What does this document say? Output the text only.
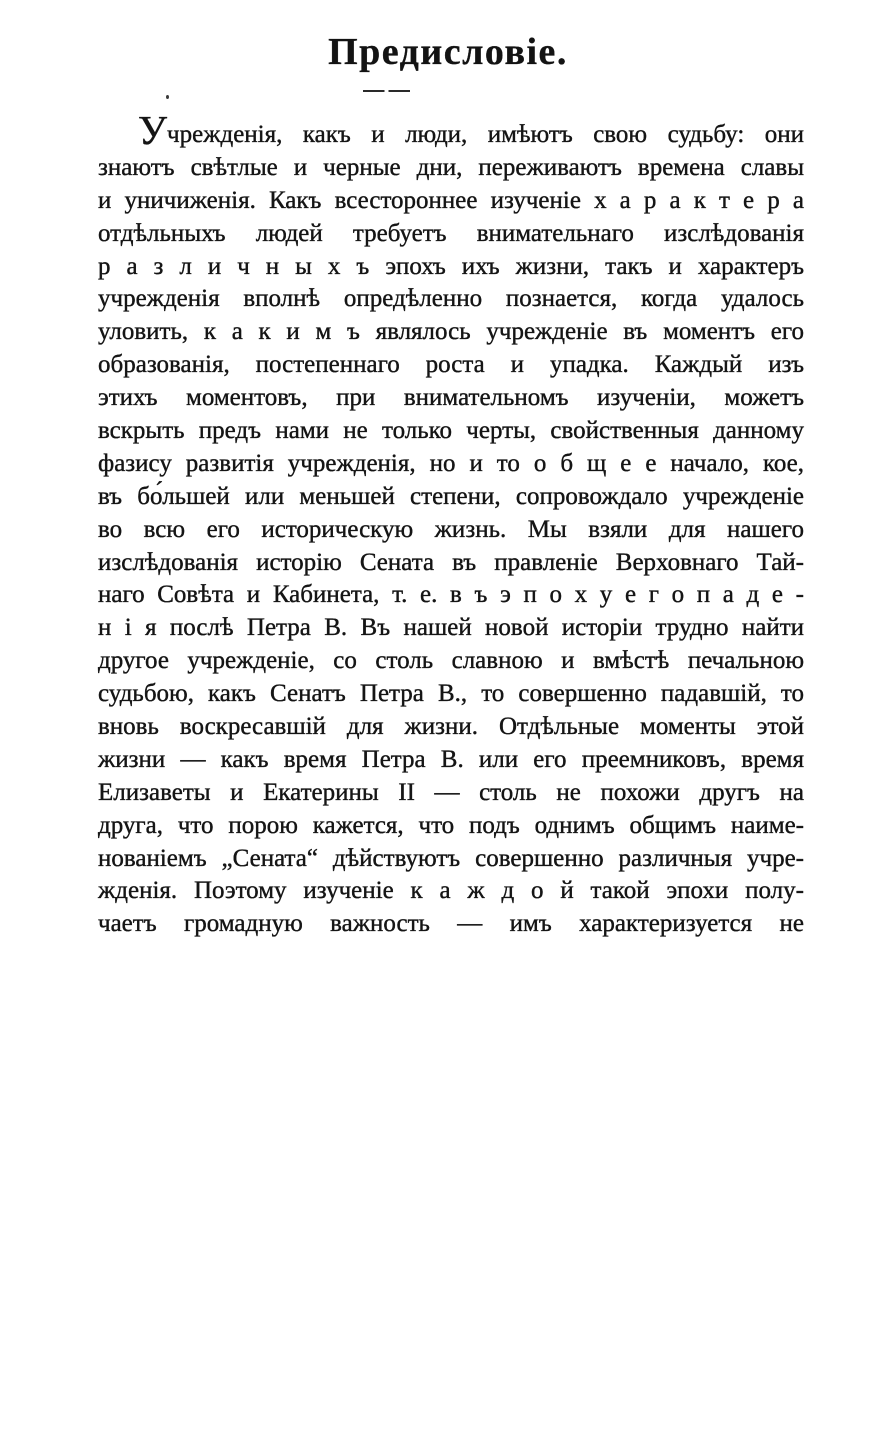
Предисловіе.
Учрежденія, какъ и люди, имѣютъ свою судьбу: они
знаютъ свѣтлые и черные дни, переживаютъ времена славы
и уничиженія. Какъ всестороннее изученіе х а р а к т е р а
отдѣльныхъ людей требуетъ внимательнаго изслѣдованія
р а з л и ч н ы х ъ эпохъ ихъ жизни, такъ и характеръ
учрежденія вполнѣ опредѣленно познается, когда удалось
уловить, к а к и м ъ являлось учрежденіе въ моментъ его
образованія, постепеннаго роста и упадка. Каждый изъ
этихъ моментовъ, при внимательномъ изученіи, можетъ
вскрыть предъ нами не только черты, свойственныя данному
фазису развитія учрежденія, но и то о б щ е е начало, кое,
въ бо́льшей или меньшей степени, сопровождало учрежденіе
во всю его историческую жизнь. Мы взяли для нашего
изслѣдованія исторію Сената въ правленіе Верховнаго Тай-
наго Совѣта и Кабинета, т. е. в ъ э п о х у е г о п а д е -
н і я послѣ Петра В. Въ нашей новой исторіи трудно найти
другое учрежденіе, со столь славною и вмѣстѣ печальною
судьбою, какъ Сенатъ Петра В., то совершенно падавшій, то
вновь воскресавшій для жизни. Отдѣльные моменты этой
жизни — какъ время Петра В. или его преемниковъ, время
Елизаветы и Екатерины II — столь не похожи другъ на
друга, что порою кажется, что подъ однимъ общимъ наиме-
нованіемъ „Сената“ дѣйствуютъ совершенно различныя учре-
жденія. Поэтому изученіе к а ж д о й такой эпохи полу-
чаетъ громадную важность — имъ характеризуется не
